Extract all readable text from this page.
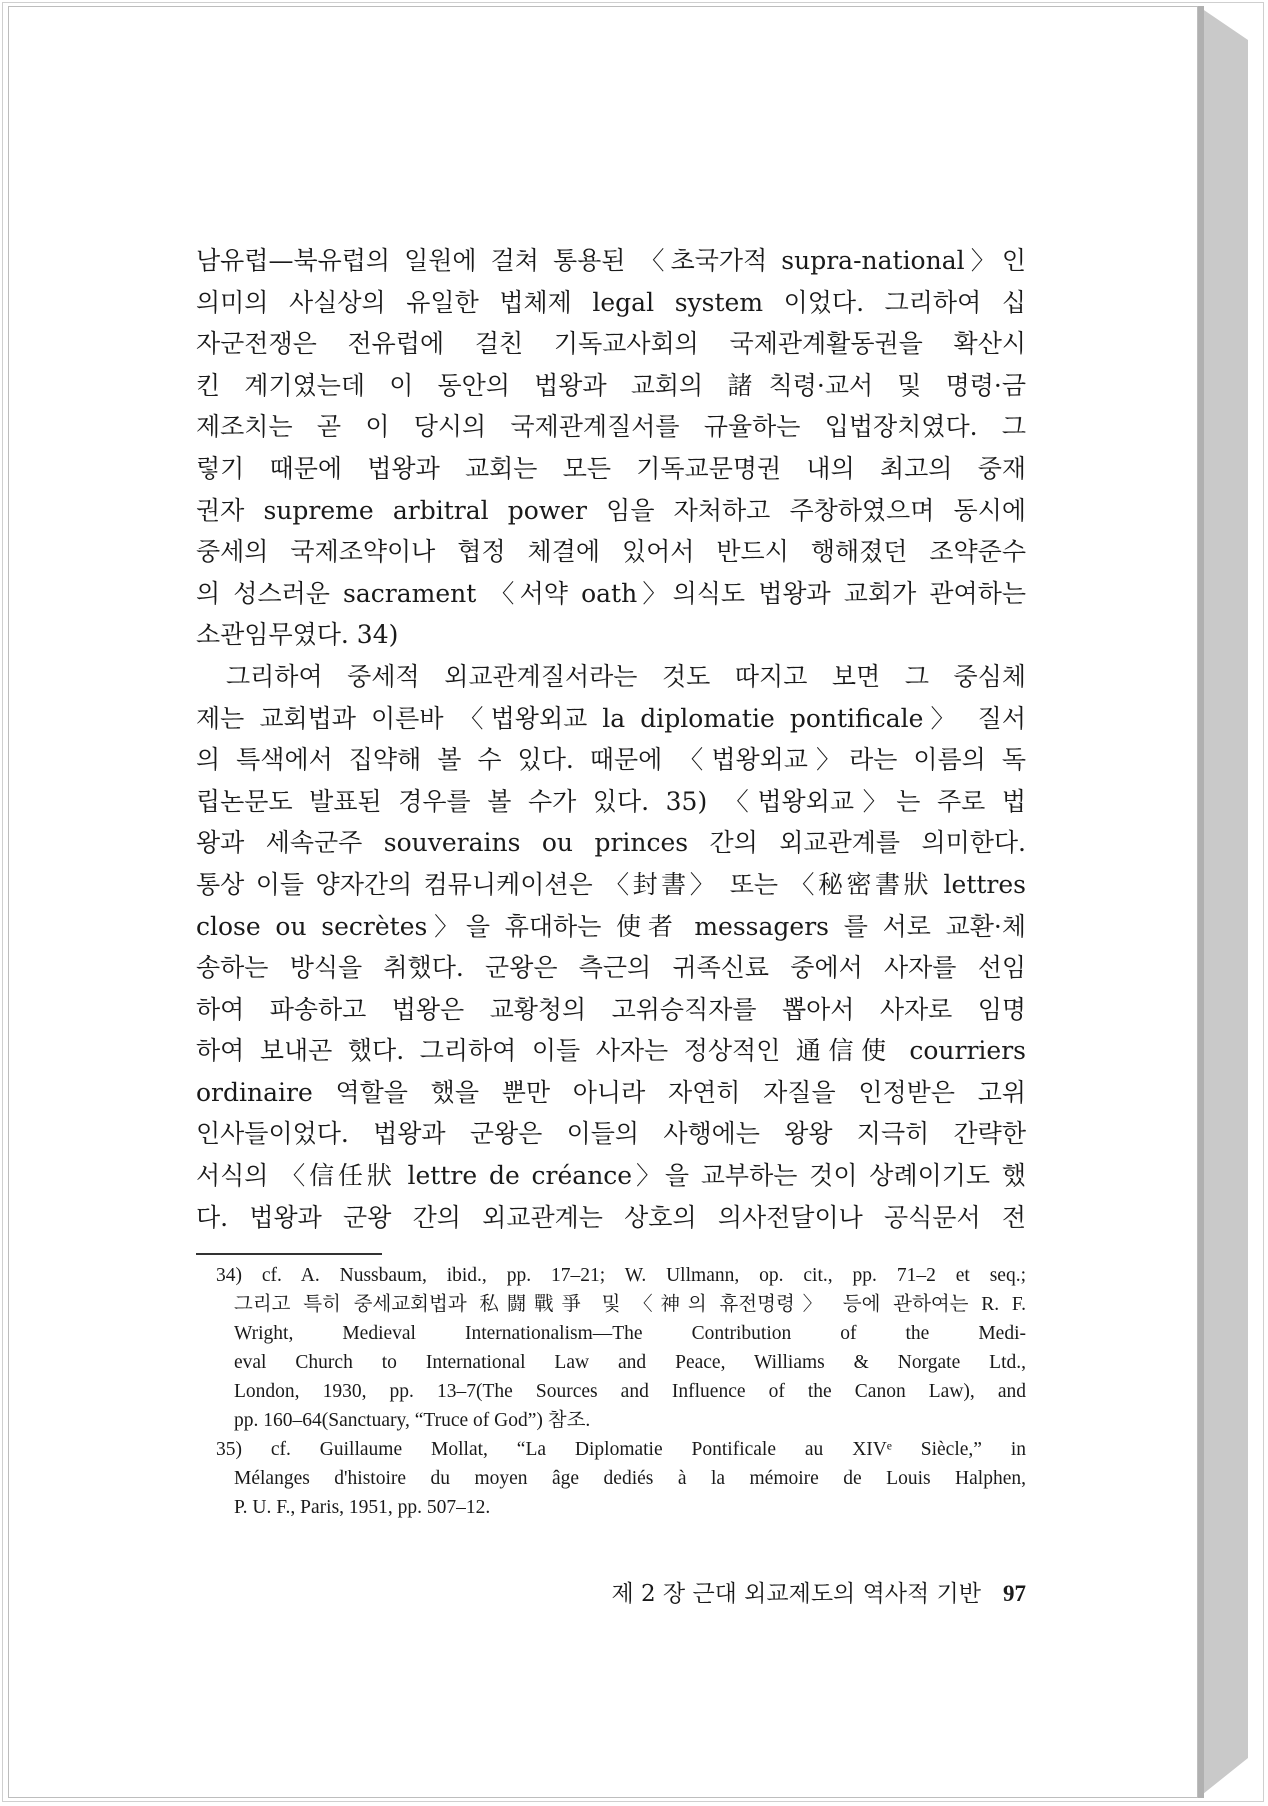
남유럽—북유럽의 일원에 걸쳐 통용된 〈초국가적 supra-national〉인
의미의 사실상의 유일한 법체제 legal system 이었다. 그리하여 십
자군전쟁은 전유럽에 걸친 기독교사회의 국제관계활동권을 확산시
킨 계기였는데 이 동안의 법왕과 교회의 諸칙령·교서 및 명령·금
제조치는 곧 이 당시의 국제관계질서를 규율하는 입법장치였다. 그
렇기 때문에 법왕과 교회는 모든 기독교문명권 내의 최고의 중재
권자 supreme arbitral power 임을 자처하고 주창하였으며 동시에
중세의 국제조약이나 협정 체결에 있어서 반드시 행해졌던 조약준수
의 성스러운 sacrament 〈서약 oath〉의식도 법왕과 교회가 관여하는
소관임무였다. 34)
그리하여 중세적 외교관계질서라는 것도 따지고 보면 그 중심체
제는 교회법과 이른바 〈법왕외교 la diplomatie pontificale〉 질서
의 특색에서 집약해 볼 수 있다. 때문에 〈법왕외교〉라는 이름의 독
립논문도 발표된 경우를 볼 수가 있다. 35) 〈법왕외교〉는 주로 법
왕과 세속군주 souverains ou princes 간의 외교관계를 의미한다.
통상 이들 양자간의 컴뮤니케이션은 〈封書〉 또는 〈秘密書狀 lettres
close ou secrètes〉을 휴대하는 使者 messagers 를 서로 교환·체
송하는 방식을 취했다. 군왕은 측근의 귀족신료 중에서 사자를 선임
하여 파송하고 법왕은 교황청의 고위승직자를 뽑아서 사자로 임명
하여 보내곤 했다. 그리하여 이들 사자는 정상적인 通信使 courriers
ordinaire 역할을 했을 뿐만 아니라 자연히 자질을 인정받은 고위
인사들이었다. 법왕과 군왕은 이들의 사행에는 왕왕 지극히 간략한
서식의 〈信任狀 lettre de créance〉을 교부하는 것이 상례이기도 했
다. 법왕과 군왕 간의 외교관계는 상호의 의사전달이나 공식문서 전
34) cf. A. Nussbaum, ibid., pp. 17–21; W. Ullmann, op. cit., pp. 71–2 et seq.;
그리고 특히 중세교회법과 私闘戰爭 및 〈神의 휴전명령〉 등에 관하여는 R. F.
Wright, Medieval Internationalism—The Contribution of the Medi-
eval Church to International Law and Peace, Williams & Norgate Ltd.,
London, 1930, pp. 13–7(The Sources and Influence of the Canon Law), and
pp. 160–64(Sanctuary, “Truce of God”) 참조.
35) cf. Guillaume Mollat, “La Diplomatie Pontificale au XIVᵉ Siècle,” in
Mélanges d'histoire du moyen âge dediés à la mémoire de Louis Halphen,
P. U. F., Paris, 1951, pp. 507–12.
제 2 장 근대 외교제도의 역사적 기반 97
